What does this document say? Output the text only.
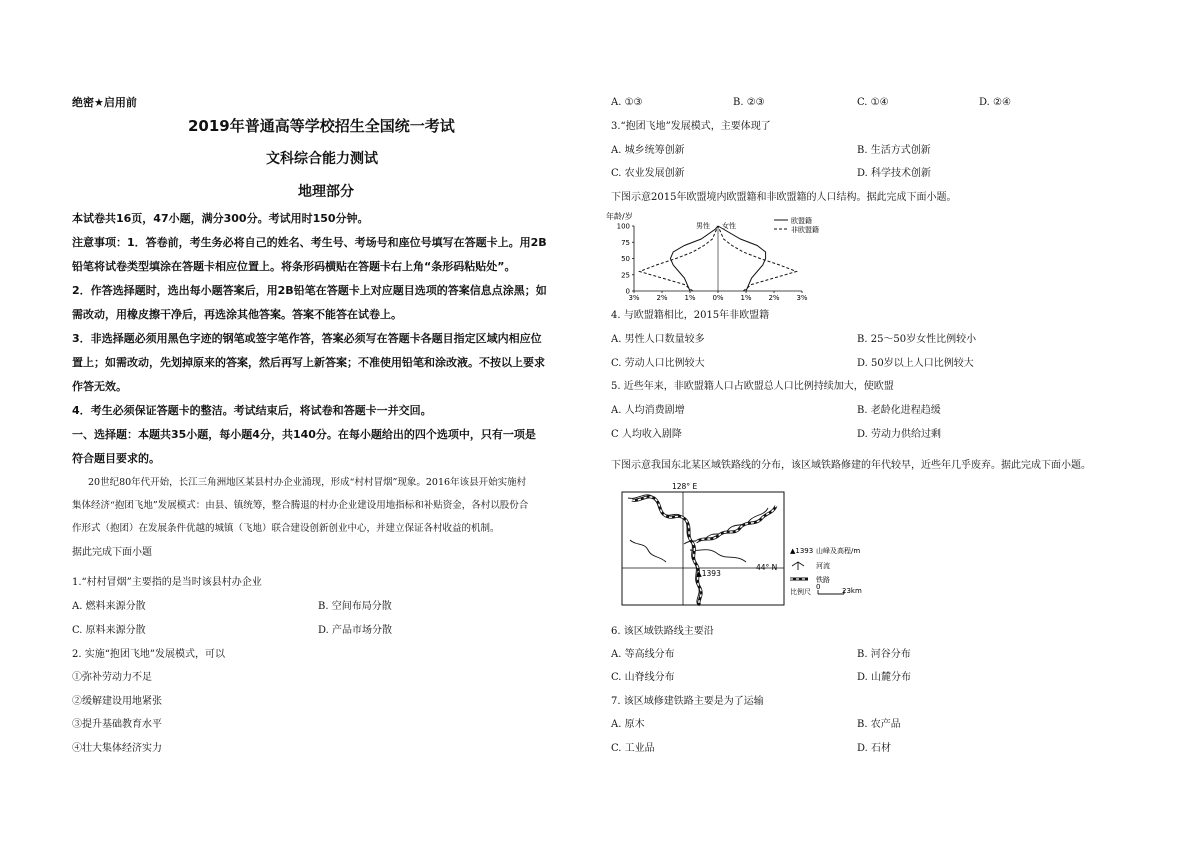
绝密★启用前
2019年普通高等学校招生全国统一考试
文科综合能力测试
地理部分
本试卷共16页，47小题，满分300分。考试用时150分钟。
注意事项：1．答卷前，考生务必将自己的姓名、考生号、考场号和座位号填写在答题卡上。用2B
铅笔将试卷类型填涂在答题卡相应位置上。将条形码横贴在答题卡右上角“条形码粘贴处”。
2．作答选择题时，选出每小题答案后，用2B铅笔在答题卡上对应题目选项的答案信息点涂黑；如
需改动，用橡皮擦干净后，再选涂其他答案。答案不能答在试卷上。
3．非选择题必须用黑色字迹的钢笔或签字笔作答，答案必须写在答题卡各题目指定区域内相应位
置上；如需改动，先划掉原来的答案，然后再写上新答案；不准使用铅笔和涂改液。不按以上要求
作答无效。
4．考生必须保证答题卡的整洁。考试结束后，将试卷和答题卡一并交回。
一、选择题：本题共35小题，每小题4分，共140分。在每小题给出的四个选项中，只有一项是
符合题目要求的。
20世纪80年代开始，长江三角洲地区某县村办企业涌现，形成“村村冒烟”现象。2016年该县开始实施村
集体经济“抱团飞地”发展模式：由县、镇统筹，整合腾退的村办企业建设用地指标和补贴资金，各村以股份合
作形式（抱团）在发展条件优越的城镇（飞地）联合建设创新创业中心，并建立保证各村收益的机制。
据此完成下面小题
1.“村村冒烟”主要指的是当时该县村办企业
A. 燃料来源分散	B. 空间布局分散
C. 原料来源分散	D. 产品市场分散
2. 实施“抱团飞地”发展模式，可以
①弥补劳动力不足
②缓解建设用地紧张
③提升基础教育水平
④壮大集体经济实力
A. ①③	B. ②③	C. ①④	D. ②④
3.“抱团飞地”发展模式，主要体现了
A. 城乡统筹创新	B. 生活方式创新
C. 农业发展创新	D. 科学技术创新
下图示意2015年欧盟境内欧盟籍和非欧盟籍的人口结构。据此完成下面小题。
年龄/岁
100
75
50
25
0
3% 2% 1% 0% 1% 2% 3%
男性 女性
欧盟籍
非欧盟籍
4. 与欧盟籍相比，2015年非欧盟籍
A. 男性人口数量较多	B. 25～50岁女性比例较小
C. 劳动人口比例较大	D. 50岁以上人口比例较大
5. 近些年来，非欧盟籍人口占欧盟总人口比例持续加大，使欧盟
A. 人均消费剧增	B. 老龄化进程趋缓
C 人均收入剧降	D. 劳动力供给过剩
下图示意我国东北某区域铁路线的分布，该区域铁路修建的年代较早，近些年几乎废弃。据此完成下面小题。
128° E
44° N
▲1393
▲1393 山峰及高程/m
河流
铁路
比例尺
0	23km
6. 该区域铁路线主要沿
A. 等高线分布	B. 河谷分布
C. 山脊线分布	D. 山麓分布
7. 该区域修建铁路主要是为了运输
A. 原木	B. 农产品
C. 工业品	D. 石材
